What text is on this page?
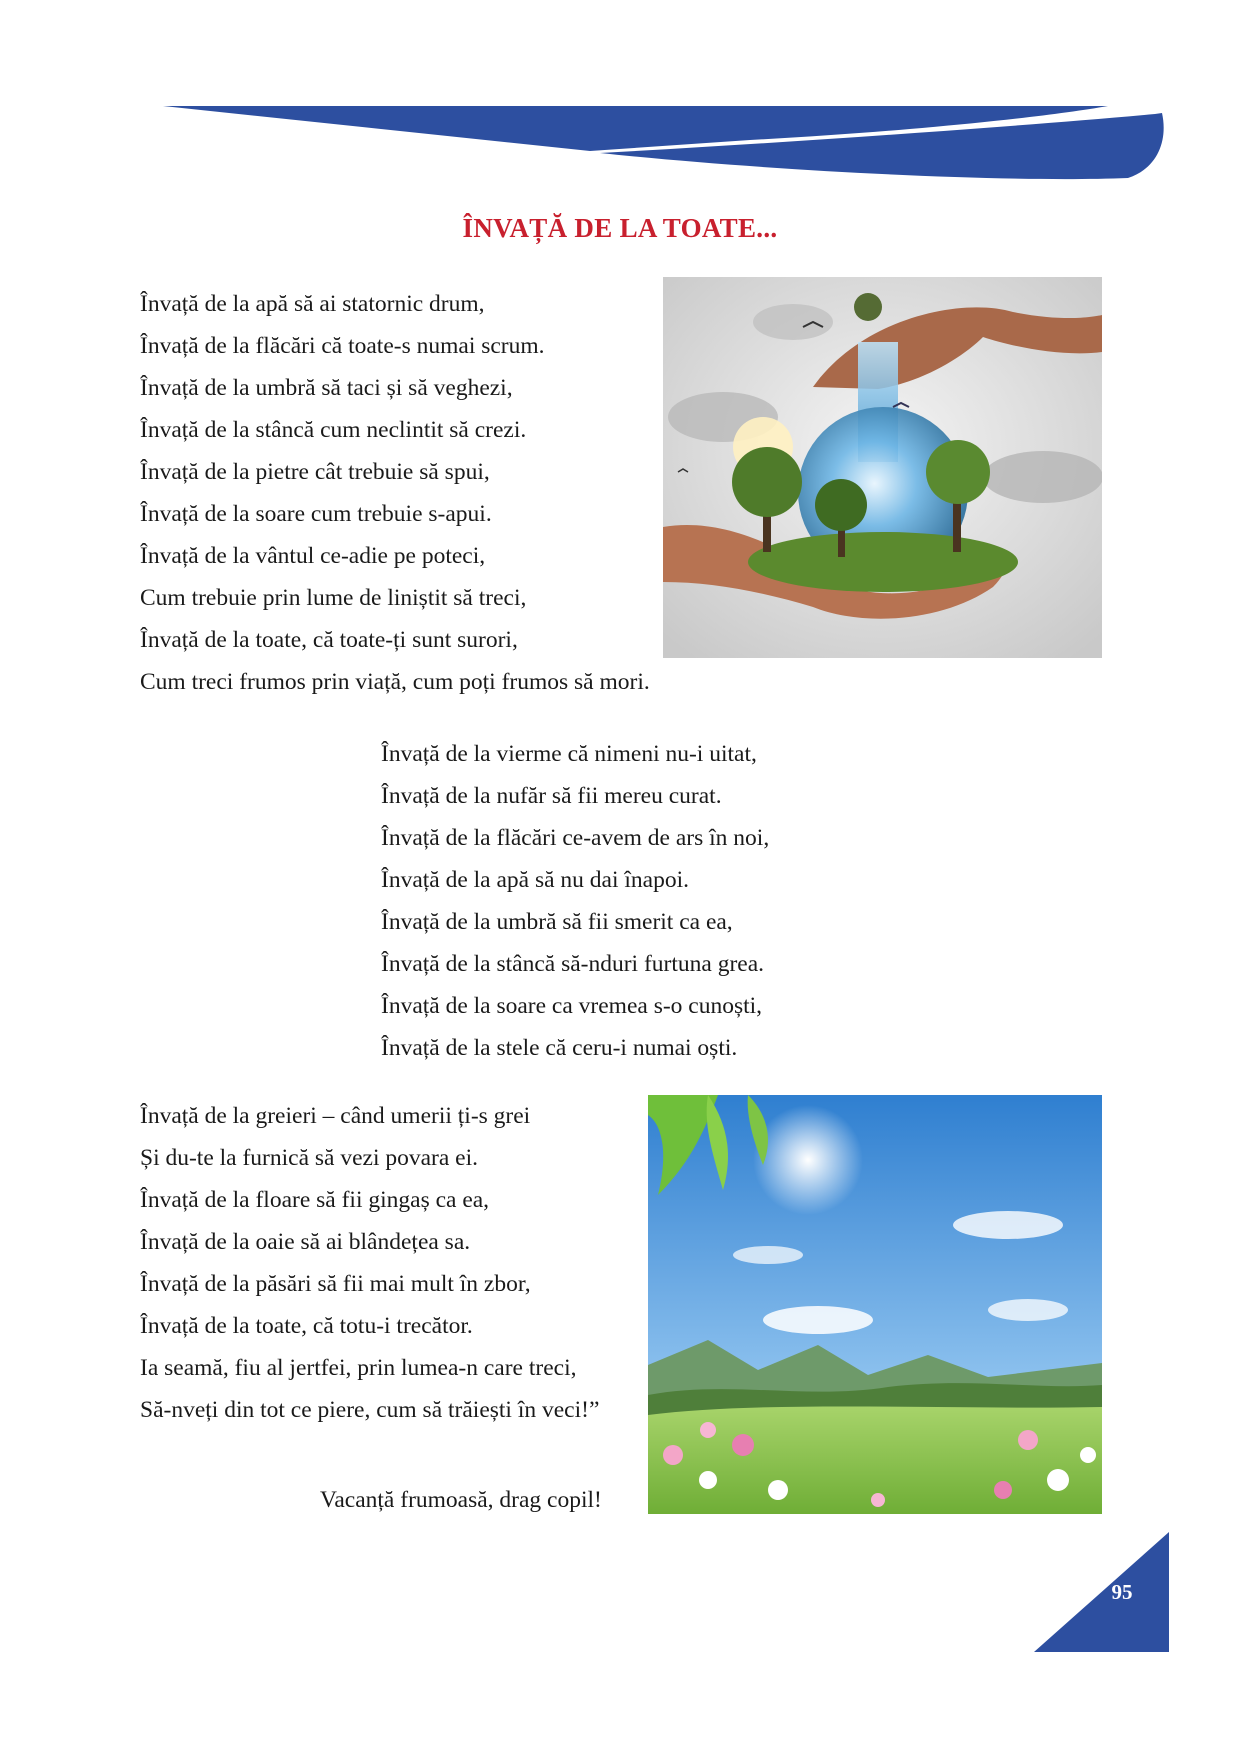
ÎNVAȚĂ DE LA TOATE...
Învață de la apă să ai statornic drum,
Învață de la flăcări că toate-s numai scrum.
Învață de la umbră să taci și să veghezi,
Învață de la stâncă cum neclintit să crezi.
Învață de la pietre cât trebuie să spui,
Învață de la soare cum trebuie s-apui.
Învață de la vântul ce-adie pe poteci,
Cum trebuie prin lume de liniștit să treci,
Învață de la toate, că toate-ți sunt surori,
Cum treci frumos prin viață, cum poți frumos să mori.
Învață de la vierme că nimeni nu-i uitat,
Învață de la nufăr să fii mereu curat.
Învață de la flăcări ce-avem de ars în noi,
Învață de la apă să nu dai înapoi.
Învață de la umbră să fii smerit ca ea,
Învață de la stâncă să-nduri furtuna grea.
Învață de la soare ca vremea s-o cunoști,
Învață de la stele că ceru-i numai oști.
Învață de la greieri – când umerii ți-s grei
Și du-te la furnică să vezi povara ei.
Învață de la floare să fii gingaș ca ea,
Învață de la oaie să ai blândețea sa.
Învață de la păsări să fii mai mult în zbor,
Învață de la toate, că totu-i trecător.
Ia seamă, fiu al jertfei, prin lumea-n care treci,
Să-nveți din tot ce piere, cum să trăiești în veci!”
Vacanță frumoasă, drag copil!
95
